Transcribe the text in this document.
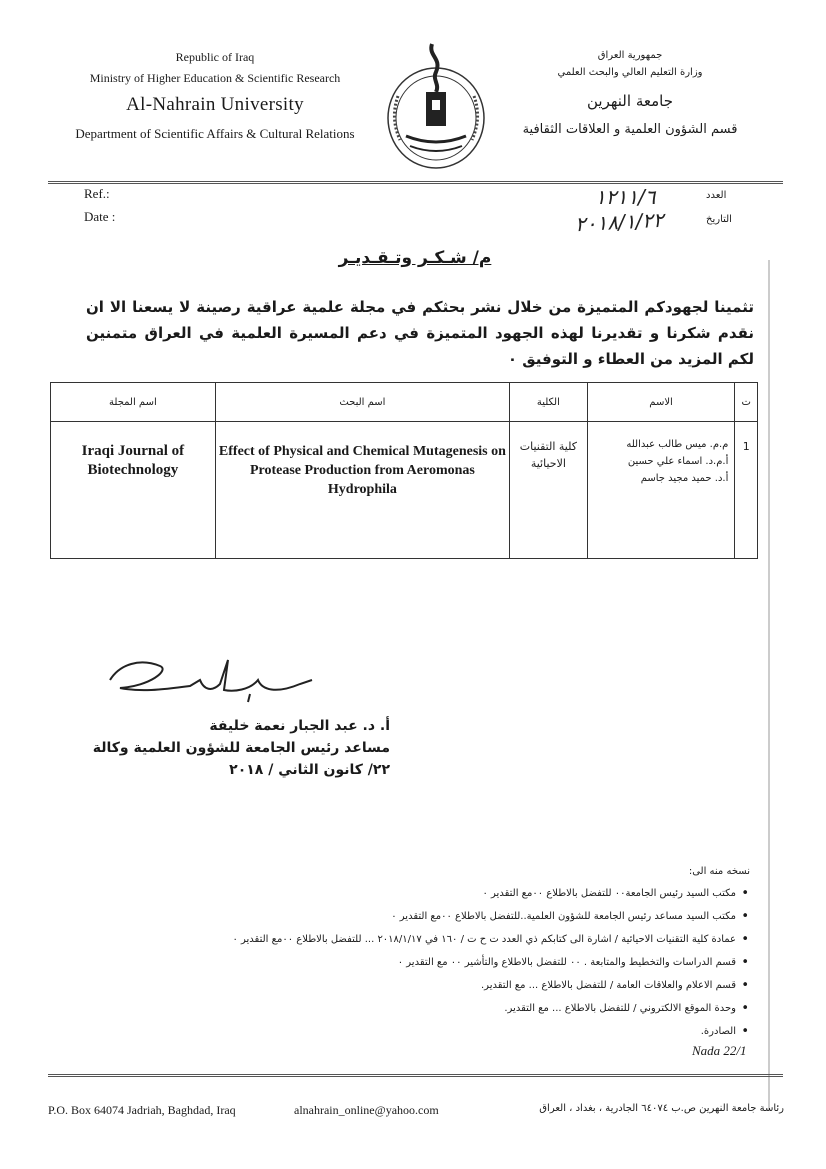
Republic of Iraq
Ministry of Higher Education & Scientific Research
Al-Nahrain University
Department of Scientific Affairs & Cultural Relations
جمهورية العراق
وزارة التعليم العالي والبحث العلمي
جامعة النهرين
قسم الشؤون العلمية و العلاقات الثقافية
Ref.:
Date :
العدد
التاريخ
١٢١١/٦
٢٠١٨/١/٢٢
م/ شـكـر وتـقـديـر
تثمينا لجهودكم المتميزة من خلال نشر بحثكم في مجلة علمية عراقية رصينة لا يسعنا الا ان نقدم شكرنا و تقديرنا لهذه الجهود المتميزة في دعم المسيرة العلمية في العراق متمنين لكم المزيد من العطاء و التوفيق ٠
ت	الاسم	الكلية	اسم البحث	اسم المجلة
1	م.م. ميس طالب عبدالله
أ.م.د. اسماء علي حسين
أ.د. حميد مجيد جاسم	كلية التقنيات الاحيائية	Effect of Physical and Chemical Mutagenesis on Protease Production from Aeromonas Hydrophila	Iraqi Journal of Biotechnology
أ. د. عبد الجبار نعمة خليفة
مساعد رئيس الجامعة للشؤون العلمية وكالة
٢٢/ كانون الثاني / ٢٠١٨
نسخه منه الى:
• مكتب السيد رئيس الجامعة٠٠ للتفضل بالاطلاع ٠٠مع التقدير ٠
• مكتب السيد مساعد رئيس الجامعة للشؤون العلمية..للتفضل بالاطلاع ٠٠مع التقدير ٠
• عمادة كلية التقنيات الاحيائية / اشارة الى كتابكم ذي العدد ت ح ت / ١٦٠ في ٢٠١٨/١/١٧ ... للتفضل بالاطلاع ٠٠مع التقدير ٠
• قسم الدراسات والتخطيط والمتابعة . ٠٠ للتفضل بالاطلاع والتأشير ٠٠ مع التقدير ٠
• قسم الاعلام والعلاقات العامة / للتفضل بالاطلاع ... مع التقدير.
• وحدة الموقع الالكتروني / للتفضل بالاطلاع ... مع التقدير.
• الصادرة.
Nada 22/1
P.O. Box 64074 Jadriah, Baghdad, Iraq	alnahrain_online@yahoo.com	رئاسة جامعة النهرين ص.ب ٦٤٠٧٤ الجادرية ، بغداد ، العراق
